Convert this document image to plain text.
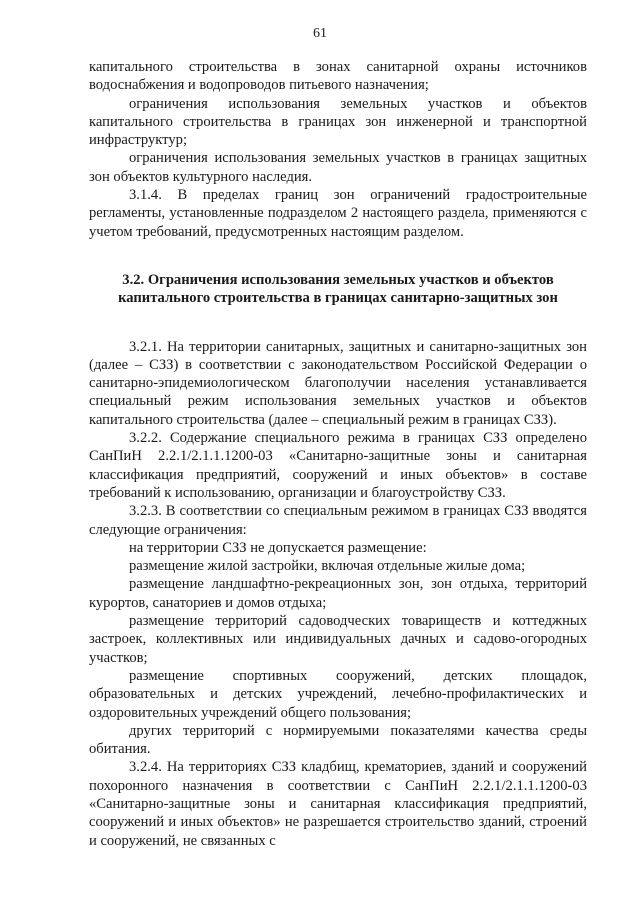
61

капитального строительства в зонах санитарной охраны источников водоснабжения и водопроводов питьевого назначения;

ограничения использования земельных участков и объектов капитального строительства в границах зон инженерной и транспортной инфраструктур;

ограничения использования земельных участков в границах защитных зон объектов культурного наследия.

3.1.4. В пределах границ зон ограничений градостроительные регламенты, установленные подразделом 2 настоящего раздела, применяются с учетом требований, предусмотренных настоящим разделом.

3.2. Ограничения использования земельных участков и объектов капитального строительства в границах санитарно-защитных зон

3.2.1. На территории санитарных, защитных и санитарно-защитных зон (далее – СЗЗ) в соответствии с законодательством Российской Федерации о санитарно-эпидемиологическом благополучии населения устанавливается специальный режим использования земельных участков и объектов капитального строительства (далее – специальный режим в границах СЗЗ).

3.2.2. Содержание специального режима в границах СЗЗ определено СанПиН 2.2.1/2.1.1.1200-03 «Санитарно-защитные зоны и санитарная классификация предприятий, сооружений и иных объектов» в составе требований к использованию, организации и благоустройству СЗЗ.

3.2.3. В соответствии со специальным режимом в границах СЗЗ вводятся следующие ограничения:

на территории СЗЗ не допускается размещение:

размещение жилой застройки, включая отдельные жилые дома;

размещение ландшафтно-рекреационных зон, зон отдыха, территорий курортов, санаториев и домов отдыха;

размещение территорий садоводческих товариществ и коттеджных застроек, коллективных или индивидуальных дачных и садово-огородных участков;

размещение спортивных сооружений, детских площадок, образовательных и детских учреждений, лечебно-профилактических и оздоровительных учреждений общего пользования;

других территорий с нормируемыми показателями качества среды обитания.

3.2.4. На территориях СЗЗ кладбищ, крематориев, зданий и сооружений похоронного назначения в соответствии с СанПиН 2.2.1/2.1.1.1200-03 «Санитарно-защитные зоны и санитарная классификация предприятий, сооружений и иных объектов» не разрешается строительство зданий, строений и сооружений, не связанных с
